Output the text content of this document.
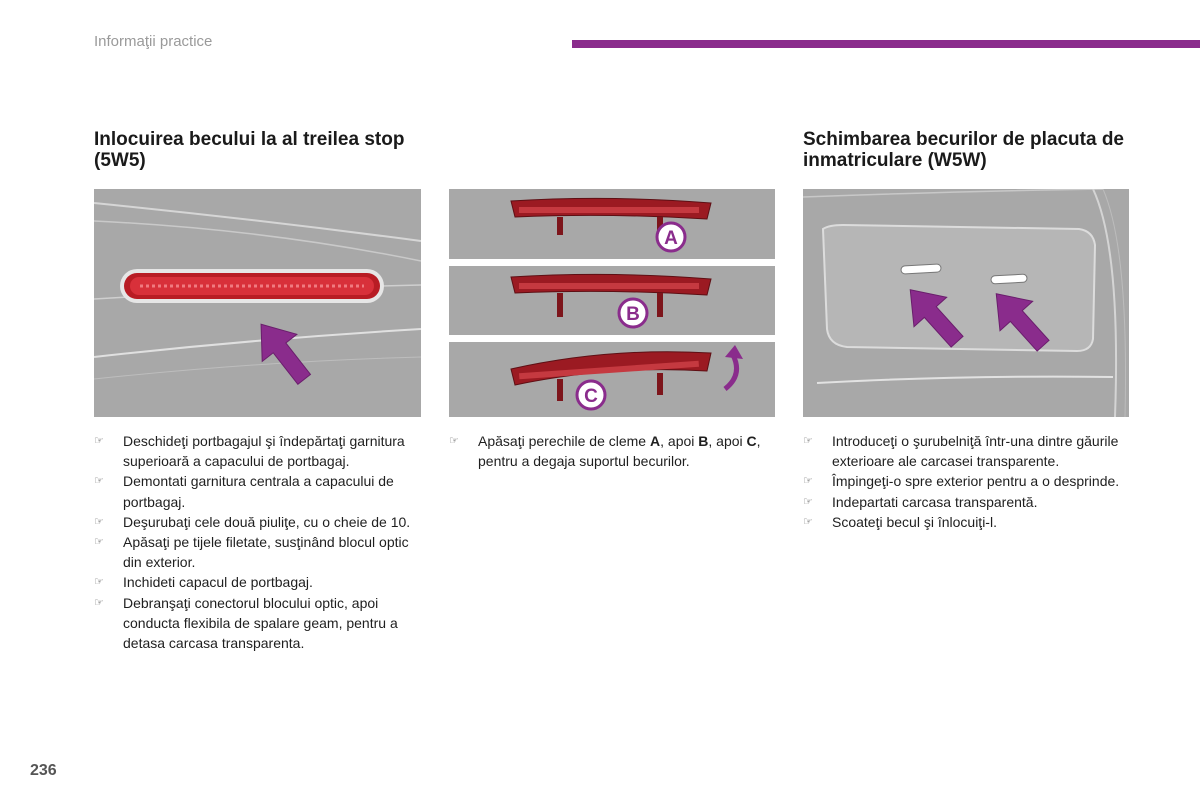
Informaţii practice
Inlocuirea becului la al treilea stop (5W5)
Schimbarea becurilor de placuta de inmatriculare (W5W)
A
B
C
☞ Deschideţi portbagajul şi îndepărtaţi garnitura superioară a capacului de portbagaj.
☞ Demontati garnitura centrala a capacului de portbagaj.
☞ Deşurubaţi cele două piuliţe, cu o cheie de 10.
☞ Apăsaţi pe tijele filetate, susţinând blocul optic din exterior.
☞ Inchideti capacul de portbagaj.
☞ Debranşaţi conectorul blocului optic, apoi conducta flexibila de spalare geam, pentru a detasa carcasa transparenta.
☞ Apăsaţi perechile de cleme A, apoi B, apoi C, pentru a degaja suportul becurilor.
☞ Introduceţi o şurubelniţă într-una dintre găurile exterioare ale carcasei transparente.
☞ Împingeţi-o spre exterior pentru a o desprinde.
☞ Indepartati carcasa transparentă.
☞ Scoateţi becul şi înlocuiţi-l.
236
